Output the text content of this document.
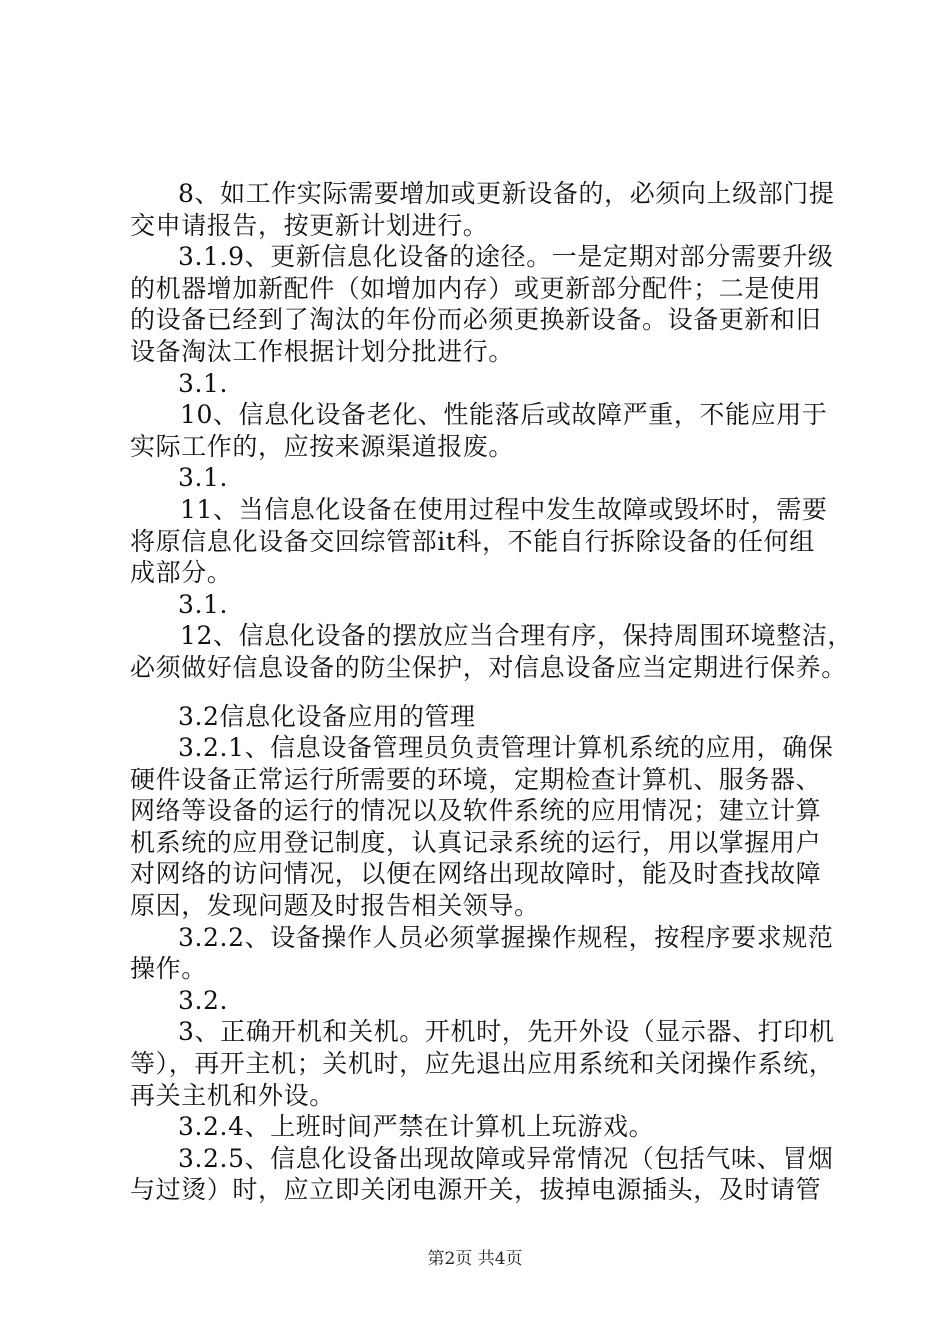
8、如工作实际需要增加或更新设备的，必须向上级部门提
交申请报告，按更新计划进行。
3.1.9、更新信息化设备的途径。一是定期对部分需要升级
的机器增加新配件（如增加内存）或更新部分配件；二是使用
的设备已经到了淘汰的年份而必须更换新设备。设备更新和旧
设备淘汰工作根据计划分批进行。
3.1.
10、信息化设备老化、性能落后或故障严重，不能应用于
实际工作的，应按来源渠道报废。
3.1.
11、当信息化设备在使用过程中发生故障或毁坏时，需要
将原信息化设备交回综管部it科，不能自行拆除设备的任何组
成部分。
3.1.
12、信息化设备的摆放应当合理有序，保持周围环境整洁，
必须做好信息设备的防尘保护，对信息设备应当定期进行保养。
3.2信息化设备应用的管理
3.2.1、信息设备管理员负责管理计算机系统的应用，确保
硬件设备正常运行所需要的环境，定期检查计算机、服务器、
网络等设备的运行的情况以及软件系统的应用情况；建立计算
机系统的应用登记制度，认真记录系统的运行，用以掌握用户
对网络的访问情况，以便在网络出现故障时，能及时查找故障
原因，发现问题及时报告相关领导。
3.2.2、设备操作人员必须掌握操作规程，按程序要求规范
操作。
3.2.
3、正确开机和关机。开机时，先开外设（显示器、打印机
等），再开主机；关机时，应先退出应用系统和关闭操作系统，
再关主机和外设。
3.2.4、上班时间严禁在计算机上玩游戏。
3.2.5、信息化设备出现故障或异常情况（包括气味、冒烟
与过烫）时，应立即关闭电源开关，拔掉电源插头，及时请管
第2页 共4页
